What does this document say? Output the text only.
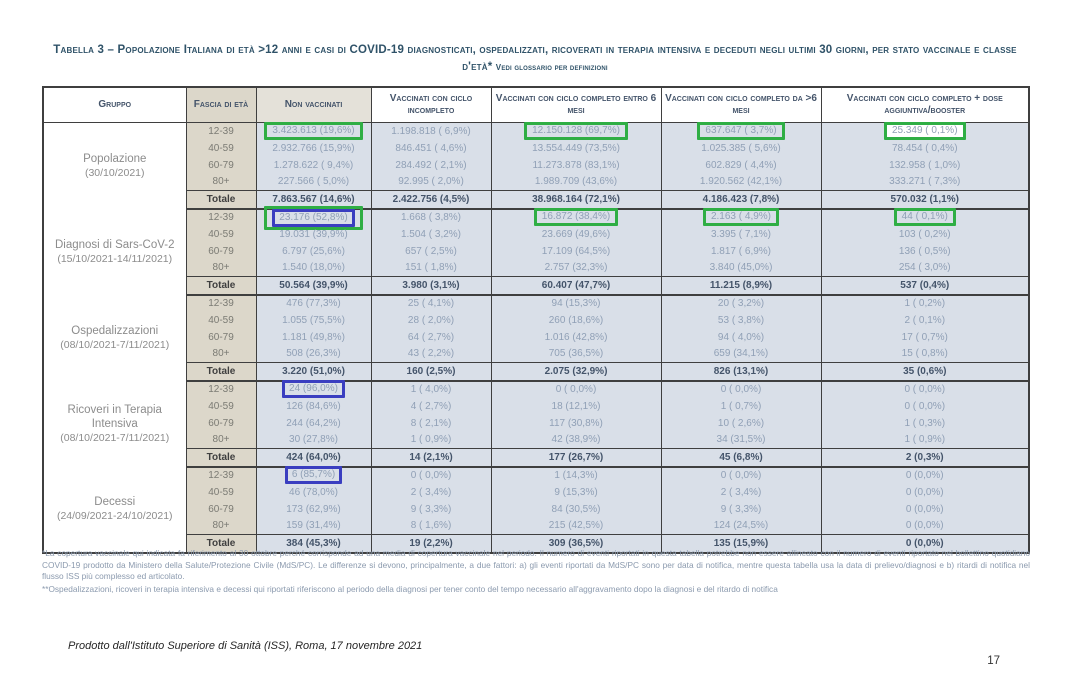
Tabella 3 – Popolazione Italiana di età >12 anni e casi di COVID-19 diagnosticati, ospedalizzati, ricoverati in terapia intensiva e deceduti negli ultimi 30 giorni, per stato vaccinale e classe d'età* Vedi glossario per definizioni
Gruppo	Fascia di età	Non vaccinati	Vaccinati con ciclo incompleto	Vaccinati con ciclo completo entro 6 mesi	Vaccinati con ciclo completo da >6 mesi	Vaccinati con ciclo completo + dose aggiuntiva/booster

Popolazione
(30/10/2021)	12-39	3.423.613 (19,6%)	1.198.818 ( 6,9%)	12.150.128 (69,7%)	637.647 ( 3,7%)	25.349 ( 0,1%)
	40-59	2.932.766 (15,9%)	846.451 ( 4,6%)	13.554.449 (73,5%)	1.025.385 ( 5,6%)	78.454 ( 0,4%)
	60-79	1.278.622 ( 9,4%)	284.492 ( 2,1%)	11.273.878 (83,1%)	602.829 ( 4,4%)	132.958 ( 1,0%)
	80+	227.566 ( 5,0%)	92.995 ( 2,0%)	1.989.709 (43,6%)	1.920.562 (42,1%)	333.271 ( 7,3%)
	Totale	7.863.567 (14,6%)	2.422.756 (4,5%)	38.968.164 (72,1%)	4.186.423 (7,8%)	570.032 (1,1%)

Diagnosi di Sars-CoV-2
(15/10/2021-14/11/2021)	12-39	23.176 (52,8%)	1.668 ( 3,8%)	16.872 (38,4%)	2.163 ( 4,9%)	44 ( 0,1%)
	40-59	19.031 (39,9%)	1.504 ( 3,2%)	23.669 (49,6%)	3.395 ( 7,1%)	103 ( 0,2%)
	60-79	6.797 (25,6%)	657 ( 2,5%)	17.109 (64,5%)	1.817 ( 6,9%)	136 ( 0,5%)
	80+	1.540 (18,0%)	151 ( 1,8%)	2.757 (32,3%)	3.840 (45,0%)	254 ( 3,0%)
	Totale	50.564 (39,9%)	3.980 (3,1%)	60.407 (47,7%)	11.215 (8,9%)	537 (0,4%)

Ospedalizzazioni
(08/10/2021-7/11/2021)	12-39	476 (77,3%)	25 ( 4,1%)	94 (15,3%)	20 ( 3,2%)	1 ( 0,2%)
	40-59	1.055 (75,5%)	28 ( 2,0%)	260 (18,6%)	53 ( 3,8%)	2 ( 0,1%)
	60-79	1.181 (49,8%)	64 ( 2,7%)	1.016 (42,8%)	94 ( 4,0%)	17 ( 0,7%)
	80+	508 (26,3%)	43 ( 2,2%)	705 (36,5%)	659 (34,1%)	15 ( 0,8%)
	Totale	3.220 (51,0%)	160 (2,5%)	2.075 (32,9%)	826 (13,1%)	35 (0,6%)

Ricoveri in Terapia Intensiva
(08/10/2021-7/11/2021)	12-39	24 (96,0%)	1 ( 4,0%)	0 ( 0,0%)	0 ( 0,0%)	0 ( 0,0%)
	40-59	126 (84,6%)	4 ( 2,7%)	18 (12,1%)	1 ( 0,7%)	0 ( 0,0%)
	60-79	244 (64,2%)	8 ( 2,1%)	117 (30,8%)	10 ( 2,6%)	1 ( 0,3%)
	80+	30 (27,8%)	1 ( 0,9%)	42 (38,9%)	34 (31,5%)	1 ( 0,9%)
	Totale	424 (64,0%)	14 (2,1%)	177 (26,7%)	45 (6,8%)	2 (0,3%)

Decessi
(24/09/2021-24/10/2021)	12-39	6 (85,7%)	0 ( 0,0%)	1 (14,3%)	0 ( 0,0%)	0 (0,0%)
	40-59	46 (78,0%)	2 ( 3,4%)	9 (15,3%)	2 ( 3,4%)	0 (0,0%)
	60-79	173 (62,9%)	9 ( 3,3%)	84 (30,5%)	9 ( 3,3%)	0 (0,0%)
	80+	159 (31,4%)	8 ( 1,6%)	215 (42,5%)	124 (24,5%)	0 (0,0%)
	Totale	384 (45,3%)	19 (2,2%)	309 (36,5%)	135 (15,9%)	0 (0,0%)

*La copertura vaccinale qui indicata fa riferimento al 30 ottobre perché corrisponde ad una media di copertura vaccinale nel periodo. Il numero di eventi riportati in questa tabella potrebbe non essere allineato con il numero di eventi riportato nel bollettino quotidiano COVID-19 prodotto da Ministero della Salute/Protezione Civile (MdS/PC). Le differenze si devono, principalmente, a due fattori: a) gli eventi riportati da MdS/PC sono per data di notifica, mentre questa tabella usa la data di prelievo/diagnosi e b) ritardi di notifica nel flusso ISS più complesso ed articolato.

**Ospedalizzazioni, ricoveri in terapia intensiva e decessi qui riportati riferiscono al periodo della diagnosi per tener conto del tempo necessario all'aggravamento dopo la diagnosi e del ritardo di notifica

Prodotto dall'Istituto Superiore di Sanità (ISS), Roma, 17 novembre 2021
17
